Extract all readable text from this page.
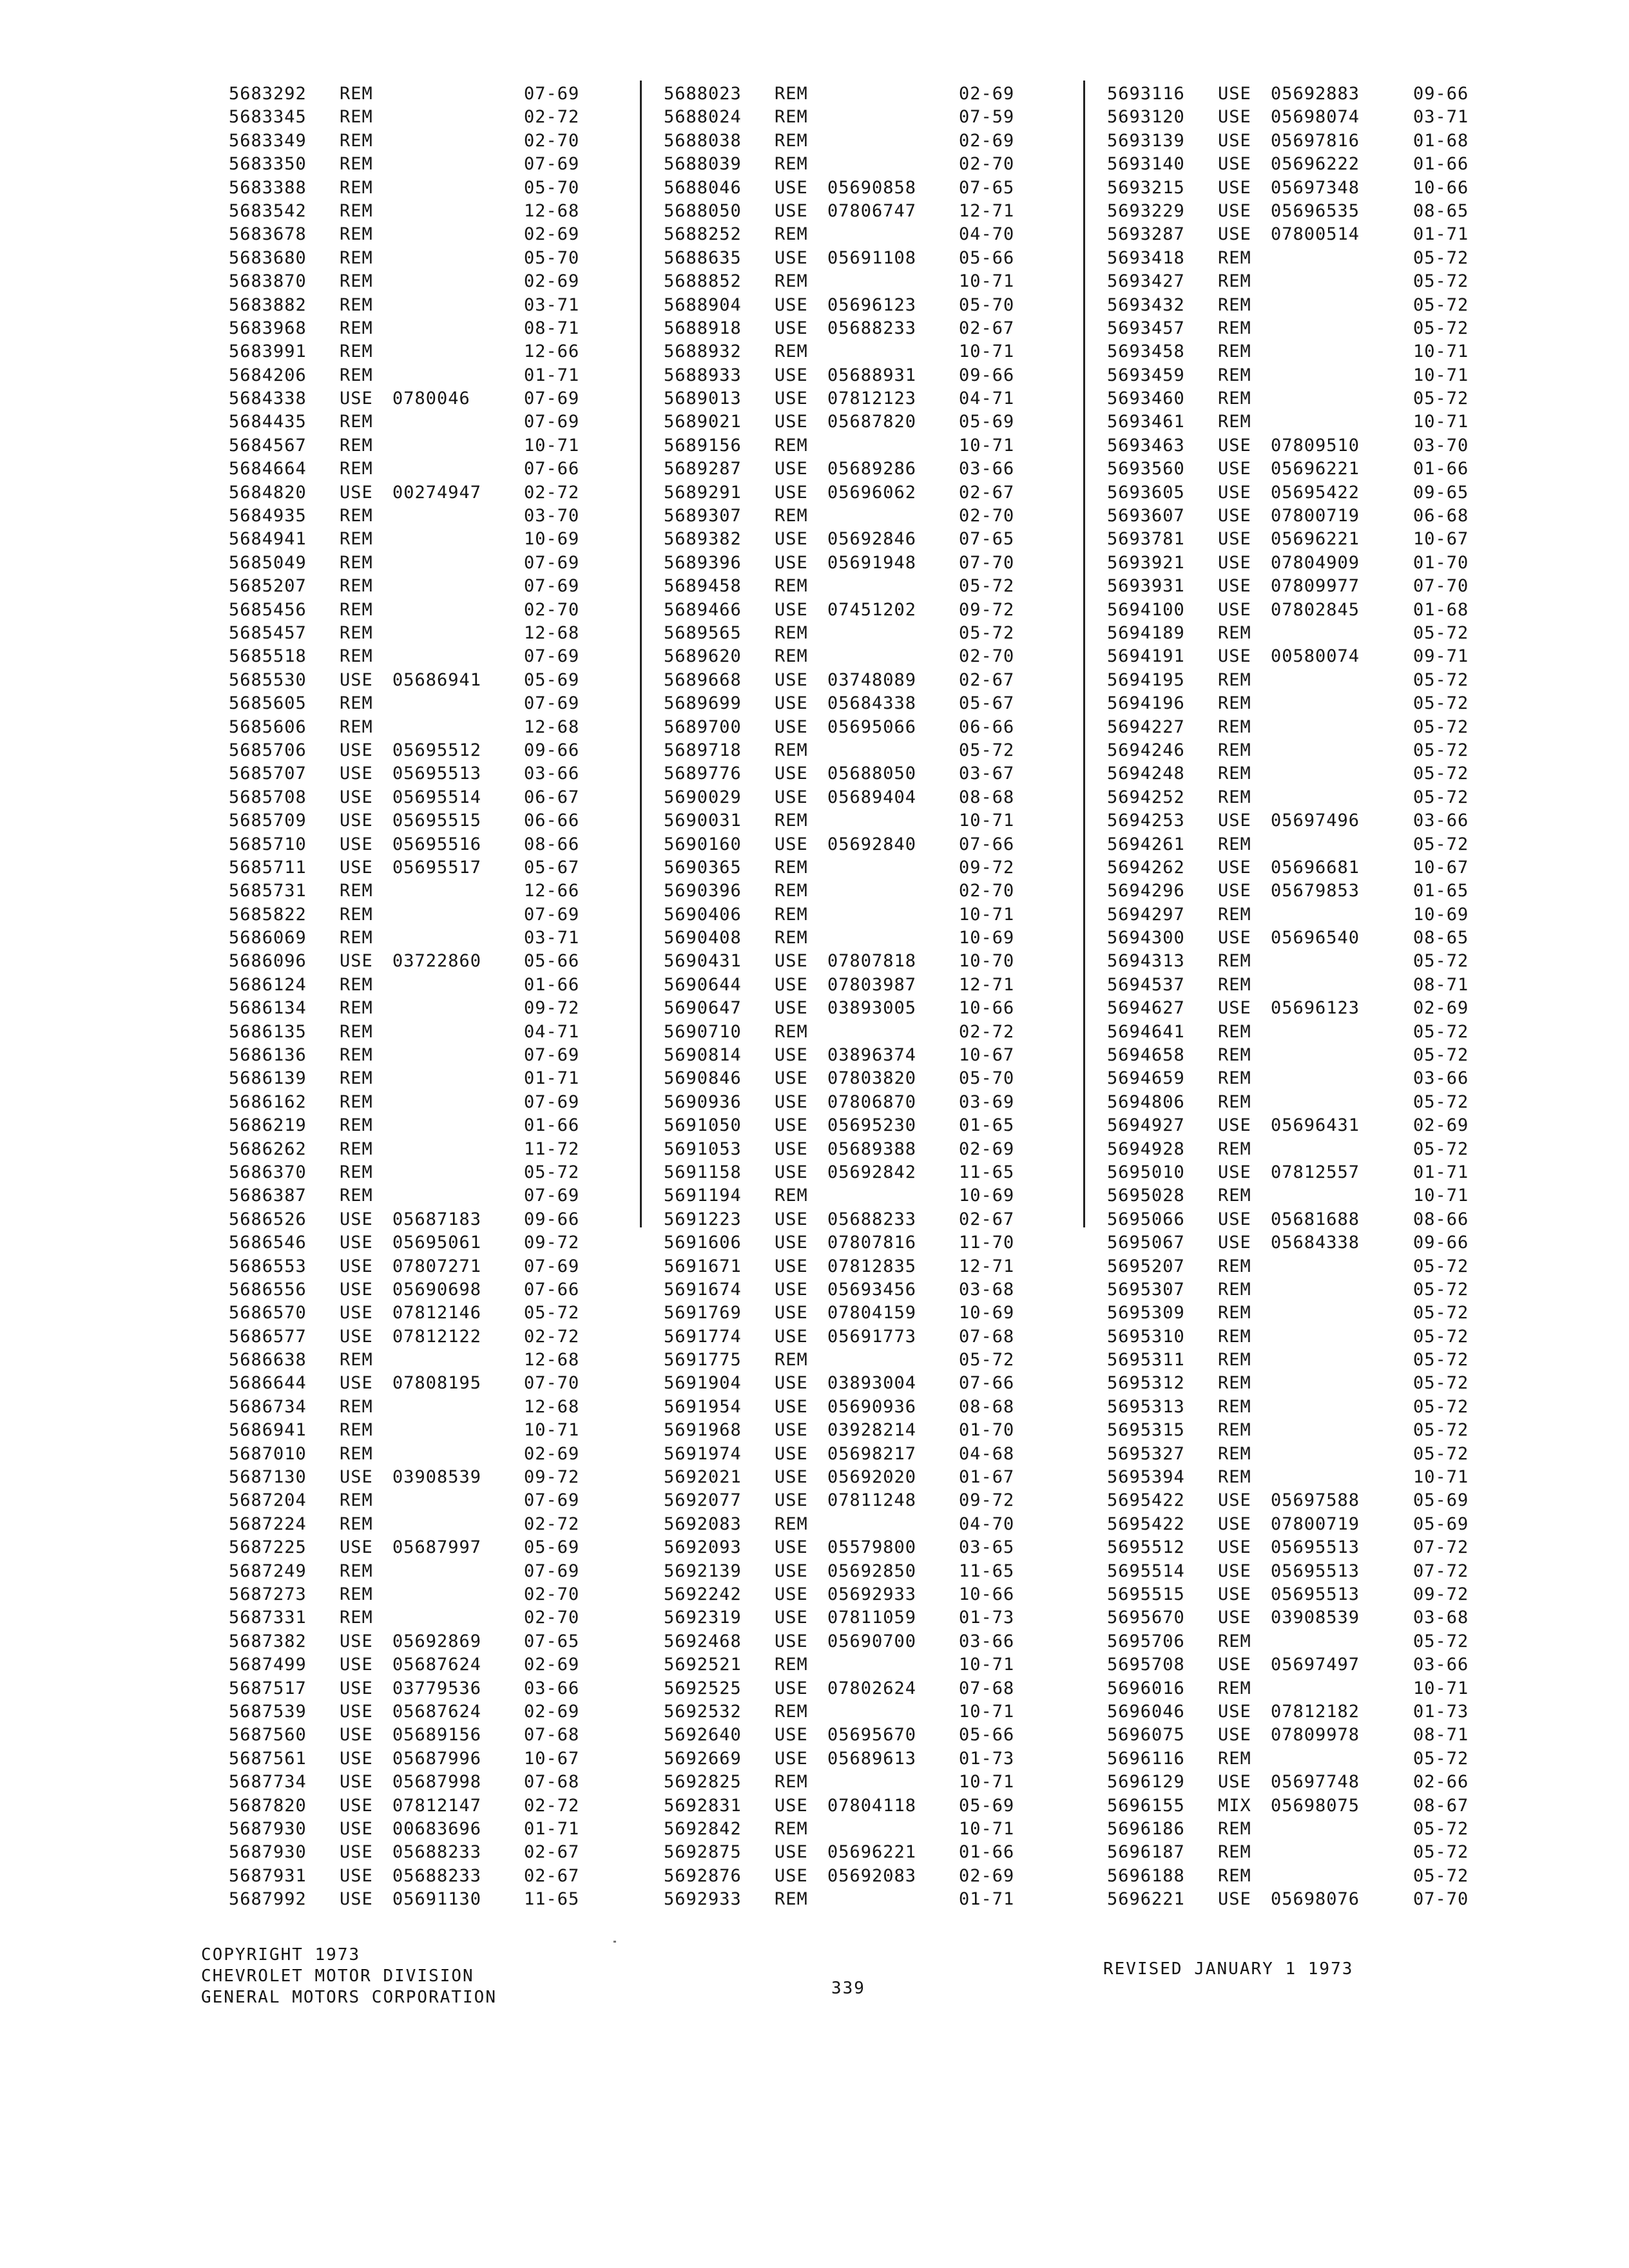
5683292 REM	07-69
5683345 REM	02-72
5683349 REM	02-70
5683350 REM	07-69
5683388 REM	05-70
5683542 REM	12-68
5683678 REM	02-69
5683680 REM	05-70
5683870 REM	02-69
5683882 REM	03-71
5683968 REM	08-71
5683991 REM	12-66
5684206 REM	01-71
5684338 USE 0780046	07-69
5684435 REM	07-69
5684567 REM	10-71
5684664 REM	07-66
5684820 USE 00274947 02-72
5684935 REM	03-70
5684941 REM	10-69
5685049 REM	07-69
5685207 REM	07-69
5685456 REM	02-70
5685457 REM	12-68
5685518 REM	07-69
5685530 USE 05686941 05-69
5685605 REM	07-69
5685606 REM	12-68
5685706 USE 05695512 09-66
5685707 USE 05695513 03-66
5685708 USE 05695514 06-67
5685709 USE 05695515 06-66
5685710 USE 05695516 08-66
5685711 USE 05695517 05-67
5685731 REM	12-66
5685822 REM	07-69
5686069 REM	03-71
5686096 USE 03722860 05-66
5686124 REM	01-66
5686134 REM	09-72
5686135 REM	04-71
5686136 REM	07-69
5686139 REM	01-71
5686162 REM	07-69
5686219 REM	01-66
5686262 REM	11-72
5686370 REM	05-72
5686387 REM	07-69
5686526 USE 05687183 09-66
5686546 USE 05695061 09-72
5686553 USE 07807271 07-69
5686556 USE 05690698 07-66
5686570 USE 07812146 05-72
5686577 USE 07812122 02-72
5686638 REM	12-68
5686644 USE 07808195 07-70
5686734 REM	12-68
5686941 REM	10-71
5687010 REM	02-69
5687130 USE 03908539 09-72
5687204 REM	07-69
5687224 REM	02-72
5687225 USE 05687997 05-69
5687249 REM	07-69
5687273 REM	02-70
5687331 REM	02-70
5687382 USE 05692869 07-65
5687499 USE 05687624 02-69
5687517 USE 03779536 03-66
5687539 USE 05687624 02-69
5687560 USE 05689156 07-68
5687561 USE 05687996 10-67
5687734 USE 05687998 07-68
5687820 USE 07812147 02-72
5687930 USE 00683696 01-71
5687930 USE 05688233 02-67
5687931 USE 05688233 02-67
5687992 USE 05691130 11-65
5688023 REM	02-69
5688024 REM	07-59
5688038 REM	02-69
5688039 REM	02-70
5688046 USE 05690858 07-65
5688050 USE 07806747 12-71
5688252 REM	04-70
5688635 USE 05691108 05-66
5688852 REM	10-71
5688904 USE 05696123 05-70
5688918 USE 05688233 02-67
5688932 REM	10-71
5688933 USE 05688931 09-66
5689013 USE 07812123 04-71
5689021 USE 05687820 05-69
5689156 REM	10-71
5689287 USE 05689286 03-66
5689291 USE 05696062 02-67
5689307 REM	02-70
5689382 USE 05692846 07-65
5689396 USE 05691948 07-70
5689458 REM	05-72
5689466 USE 07451202 09-72
5689565 REM	05-72
5689620 REM	02-70
5689668 USE 03748089 02-67
5689699 USE 05684338 05-67
5689700 USE 05695066 06-66
5689718 REM	05-72
5689776 USE 05688050 03-67
5690029 USE 05689404 08-68
5690031 REM	10-71
5690160 USE 05692840 07-66
5690365 REM	09-72
5690396 REM	02-70
5690406 REM	10-71
5690408 REM	10-69
5690431 USE 07807818 10-70
5690644 USE 07803987 12-71
5690647 USE 03893005 10-66
5690710 REM	02-72
5690814 USE 03896374 10-67
5690846 USE 07803820 05-70
5690936 USE 07806870 03-69
5691050 USE 05695230 01-65
5691053 USE 05689388 02-69
5691158 USE 05692842 11-65
5691194 REM	10-69
5691223 USE 05688233 02-67
5691606 USE 07807816 11-70
5691671 USE 07812835 12-71
5691674 USE 05693456 03-68
5691769 USE 07804159 10-69
5691774 USE 05691773 07-68
5691775 REM	05-72
5691904 USE 03893004 07-66
5691954 USE 05690936 08-68
5691968 USE 03928214 01-70
5691974 USE 05698217 04-68
5692021 USE 05692020 01-67
5692077 USE 07811248 09-72
5692083 REM	04-70
5692093 USE 05579800 03-65
5692139 USE 05692850 11-65
5692242 USE 05692933 10-66
5692319 USE 07811059 01-73
5692468 USE 05690700 03-66
5692521 REM	10-71
5692525 USE 07802624 07-68
5692532 REM	10-71
5692640 USE 05695670 05-66
5692669 USE 05689613 01-73
5692825 REM	10-71
5692831 USE 07804118 05-69
5692842 REM	10-71
5692875 USE 05696221 01-66
5692876 USE 05692083 02-69
5692933 REM	01-71
5693116 USE 05692883	09-66
5693120 USE 05698074	03-71
5693139 USE 05697816	01-68
5693140 USE 05696222	01-66
5693215 USE 05697348	10-66
5693229 USE 05696535	08-65
5693287 USE 07800514	01-71
5693418 REM	05-72
5693427 REM	05-72
5693432 REM	05-72
5693457 REM	05-72
5693458 REM	10-71
5693459 REM	10-71
5693460 REM	05-72
5693461 REM	10-71
5693463 USE 07809510	03-70
5693560 USE 05696221	01-66
5693605 USE 05695422	09-65
5693607 USE 07800719	06-68
5693781 USE 05696221	10-67
5693921 USE 07804909	01-70
5693931 USE 07809977	07-70
5694100 USE 07802845	01-68
5694189 REM	05-72
5694191 USE 00580074	09-71
5694195 REM	05-72
5694196 REM	05-72
5694227 REM	05-72
5694246 REM	05-72
5694248 REM	05-72
5694252 REM	05-72
5694253 USE 05697496	03-66
5694261 REM	05-72
5694262 USE 05696681	10-67
5694296 USE 05679853	01-65
5694297 REM	10-69
5694300 USE 05696540	08-65
5694313 REM	05-72
5694537 REM	08-71
5694627 USE 05696123	02-69
5694641 REM	05-72
5694658 REM	05-72
5694659 REM	03-66
5694806 REM	05-72
5694927 USE 05696431	02-69
5694928 REM	05-72
5695010 USE 07812557	01-71
5695028 REM	10-71
5695066 USE 05681688	08-66
5695067 USE 05684338	09-66
5695207 REM	05-72
5695307 REM	05-72
5695309 REM	05-72
5695310 REM	05-72
5695311 REM	05-72
5695312 REM	05-72
5695313 REM	05-72
5695315 REM	05-72
5695327 REM	05-72
5695394 REM	10-71
5695422 USE 05697588	05-69
5695422 USE 07800719	05-69
5695512 USE 05695513	07-72
5695514 USE 05695513	07-72
5695515 USE 05695513	09-72
5695670 USE 03908539	03-68
5695706 REM	05-72
5695708 USE 05697497	03-66
5696016 REM	10-71
5696046 USE 07812182	01-73
5696075 USE 07809978	08-71
5696116 REM	05-72
5696129 USE 05697748	02-66
5696155 MIX 05698075	08-67
5696186 REM	05-72
5696187 REM	05-72
5696188 REM	05-72
5696221 USE 05698076	07-70
COPYRIGHT 1973
CHEVROLET MOTOR DIVISION
GENERAL MOTORS CORPORATION	339
REVISED JANUARY 1 1973
